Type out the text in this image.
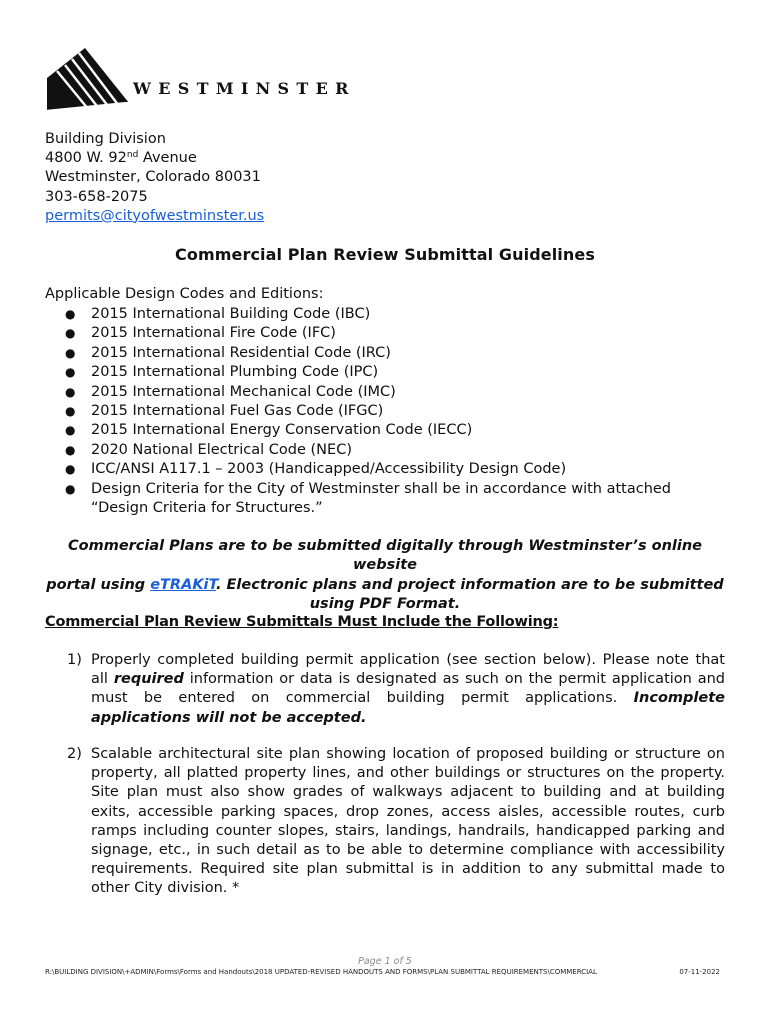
WESTMINSTER
Building Division
4800 W. 92nd Avenue
Westminster, Colorado 80031
303-658-2075
permits@cityofwestminster.us
Commercial Plan Review Submittal Guidelines
Applicable Design Codes and Editions:
● 2015 International Building Code (IBC)
● 2015 International Fire Code (IFC)
● 2015 International Residential Code (IRC)
● 2015 International Plumbing Code (IPC)
● 2015 International Mechanical Code (IMC)
● 2015 International Fuel Gas Code (IFGC)
● 2015 International Energy Conservation Code (IECC)
● 2020 National Electrical Code (NEC)
● ICC/ANSI A117.1 – 2003 (Handicapped/Accessibility Design Code)
● Design Criteria for the City of Westminster shall be in accordance with attached
“Design Criteria for Structures.”
Commercial Plans are to be submitted digitally through Westminster’s online website
portal using eTRAKiT. Electronic plans and project information are to be submitted
using PDF Format.
Commercial Plan Review Submittals Must Include the Following:
1) Properly completed building permit application (see section below). Please note that all required information or data is designated as such on the permit application and must be entered on commercial building permit applications. Incomplete applications will not be accepted.
2) Scalable architectural site plan showing location of proposed building or structure on property, all platted property lines, and other buildings or structures on the property. Site plan must also show grades of walkways adjacent to building and at building exits, accessible parking spaces, drop zones, access aisles, accessible routes, curb ramps including counter slopes, stairs, landings, handrails, handicapped parking and signage, etc., in such detail as to be able to determine compliance with accessibility requirements. Required site plan submittal is in addition to any submittal made to other City division. *
Page 1 of 5
R:\BUILDING DIVISION\+ADMIN\Forms\Forms and Handouts\2018 UPDATED-REVISED HANDOUTS AND FORMS\PLAN SUBMITTAL REQUIREMENTS\COMMERCIAL	07-11-2022
